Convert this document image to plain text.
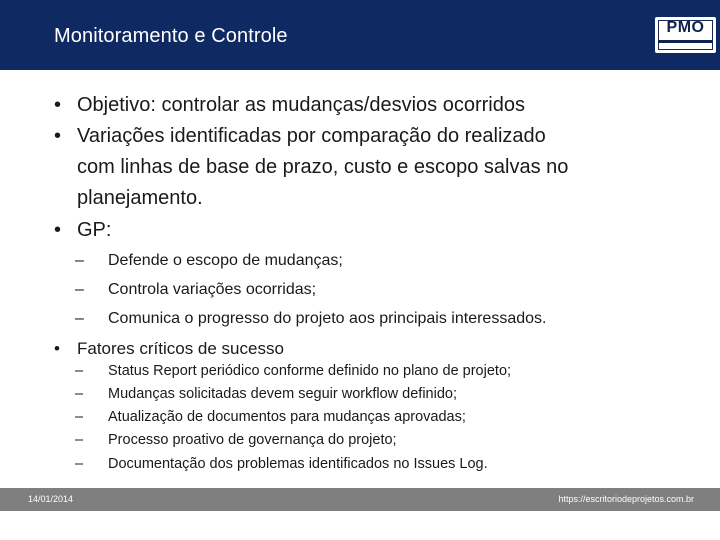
Monitoramento e Controle	PMO
• Objetivo: controlar as mudanças/desvios ocorridos
• Variações identificadas por comparação do realizado
com linhas de base de prazo, custo e escopo salvas no
planejamento.
• GP:
– Defende o escopo de mudanças;
– Controla variações ocorridas;
– Comunica o progresso do projeto aos principais interessados.
•	Fatores críticos de sucesso
– Status Report periódico conforme definido no plano de projeto;
– Mudanças solicitadas devem seguir workflow definido;
– Atualização de documentos para mudanças aprovadas;
– Processo proativo de governança do projeto;
– Documentação dos problemas identificados no Issues Log.
14/01/2014	https://escritoriodeprojetos.com.br
